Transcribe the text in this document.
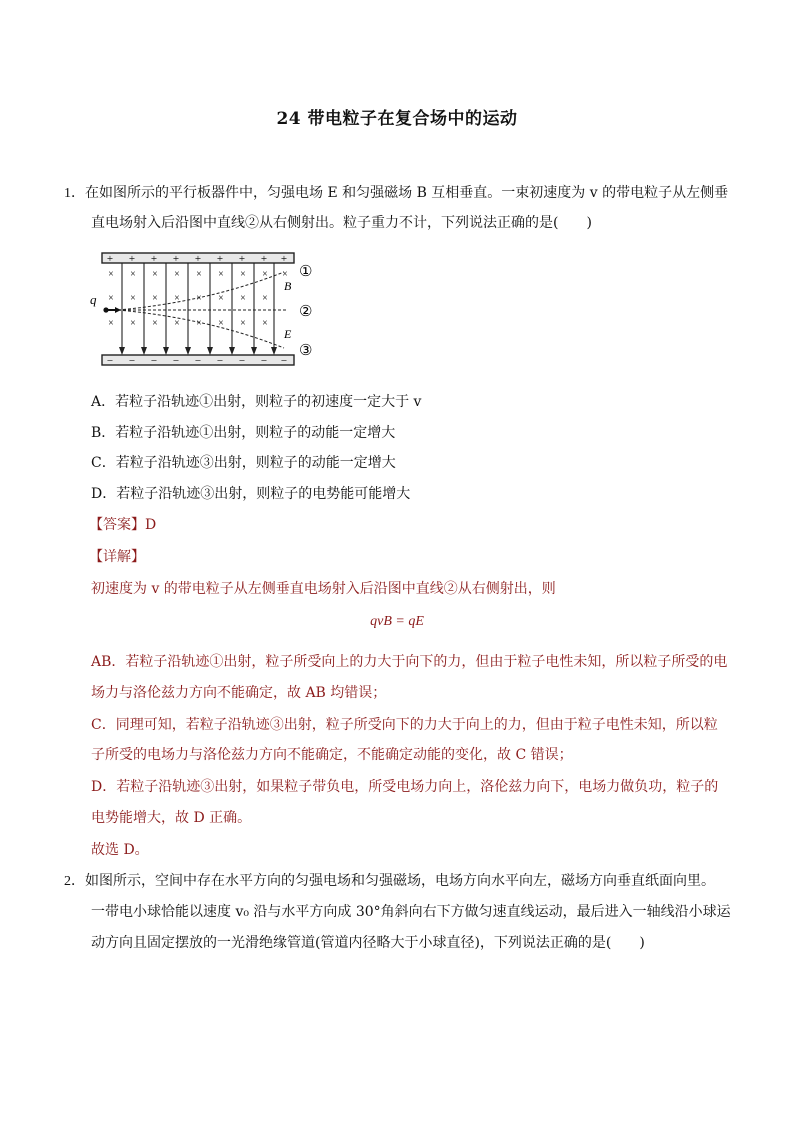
24 带电粒子在复合场中的运动
1．在如图所示的平行板器件中，匀强电场 E 和匀强磁场 B 互相垂直。一束初速度为 v 的带电粒子从左侧垂
直电场射入后沿图中直线②从右侧射出。粒子重力不计，下列说法正确的是(　　)
+ + + + + + + + +
− − − − − − − − −
× × × × × × × × ×
× × × × × × × ×
× × × × × × × ×
q
B
E
①
②
③
A．若粒子沿轨迹①出射，则粒子的初速度一定大于 v
B．若粒子沿轨迹①出射，则粒子的动能一定增大
C．若粒子沿轨迹③出射，则粒子的动能一定增大
D．若粒子沿轨迹③出射，则粒子的电势能可能增大
【答案】D
【详解】
初速度为 v 的带电粒子从左侧垂直电场射入后沿图中直线②从右侧射出，则
qvB = qE
AB．若粒子沿轨迹①出射，粒子所受向上的力大于向下的力，但由于粒子电性未知，所以粒子所受的电
场力与洛伦兹力方向不能确定，故 AB 均错误；
C．同理可知，若粒子沿轨迹③出射，粒子所受向下的力大于向上的力，但由于粒子电性未知，所以粒
子所受的电场力与洛伦兹力方向不能确定，不能确定动能的变化，故 C 错误；
D．若粒子沿轨迹③出射，如果粒子带负电，所受电场力向上，洛伦兹力向下，电场力做负功，粒子的
电势能增大，故 D 正确。
故选 D。
2．如图所示，空间中存在水平方向的匀强电场和匀强磁场，电场方向水平向左，磁场方向垂直纸面向里。
一带电小球恰能以速度 v₀ 沿与水平方向成 30°角斜向右下方做匀速直线运动，最后进入一轴线沿小球运
动方向且固定摆放的一光滑绝缘管道(管道内径略大于小球直径)，下列说法正确的是(　　)
